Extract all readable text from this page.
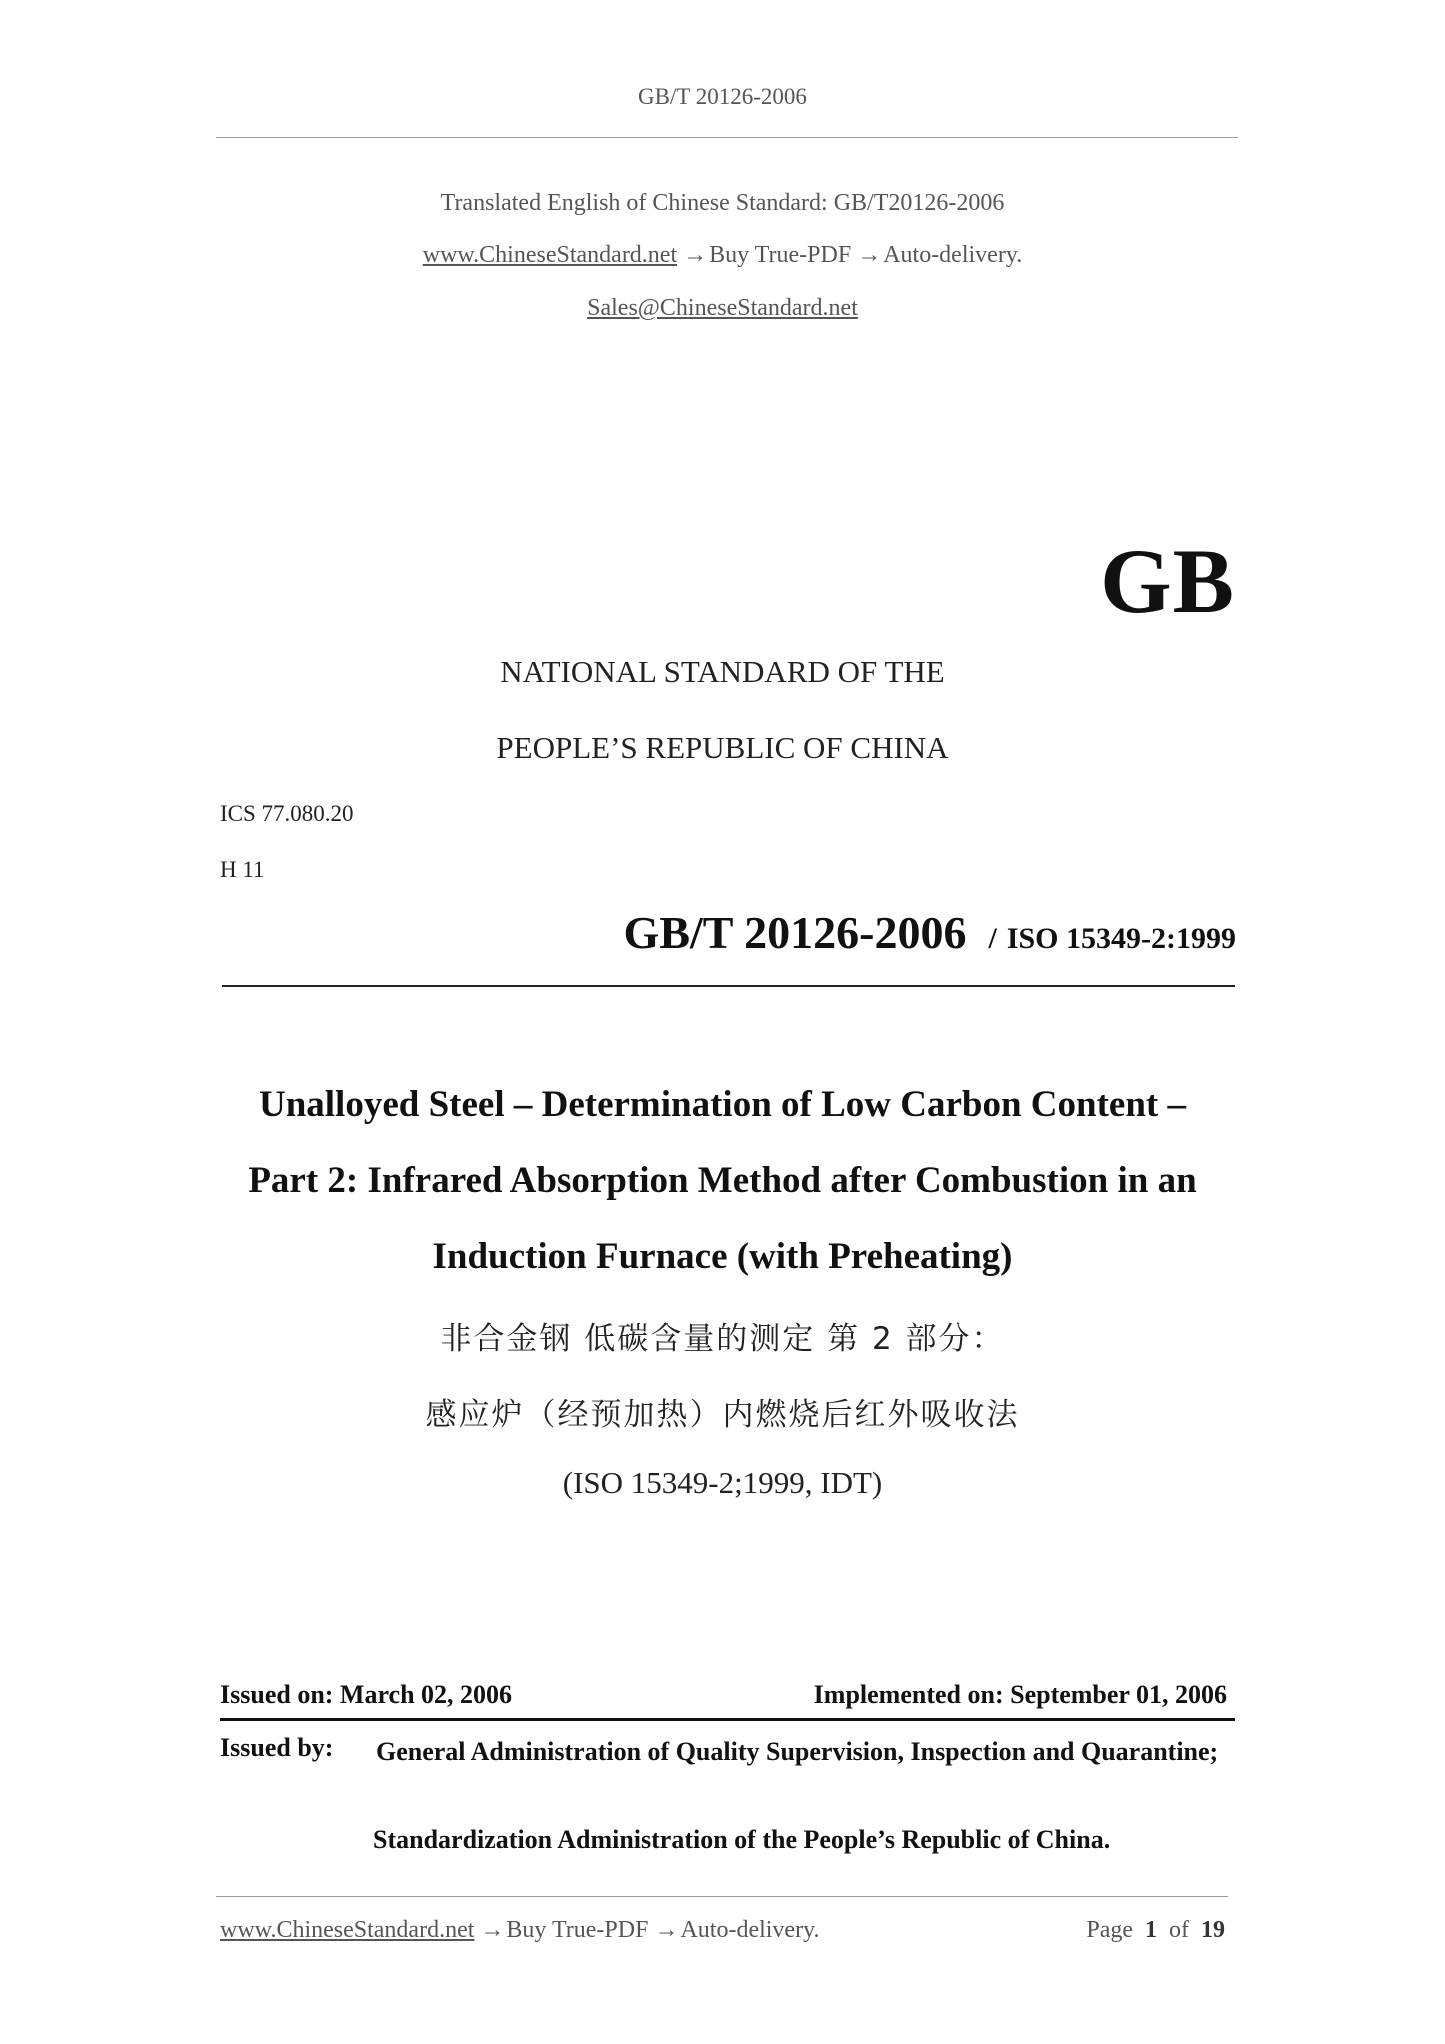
GB/T 20126-2006
Translated English of Chinese Standard: GB/T20126-2006
www.ChineseStandard.net →Buy True-PDF →Auto-delivery.
Sales@ChineseStandard.net
GB
NATIONAL STANDARD OF THE
PEOPLE’S REPUBLIC OF CHINA
ICS 77.080.20
H 11
GB/T 20126-2006 / ISO 15349-2:1999
Unalloyed Steel – Determination of Low Carbon Content –
Part 2: Infrared Absorption Method after Combustion in an
Induction Furnace (with Preheating)
非合金钢 低碳含量的测定 第 2 部分：
感应炉（经预加热）内燃烧后红外吸收法
(ISO 15349-2;1999, IDT)
Issued on: March 02, 2006	Implemented on: September 01, 2006
Issued by: General Administration of Quality Supervision, Inspection and Quarantine;
Standardization Administration of the People’s Republic of China.
www.ChineseStandard.net →Buy True-PDF →Auto-delivery.	Page 1 of 19
